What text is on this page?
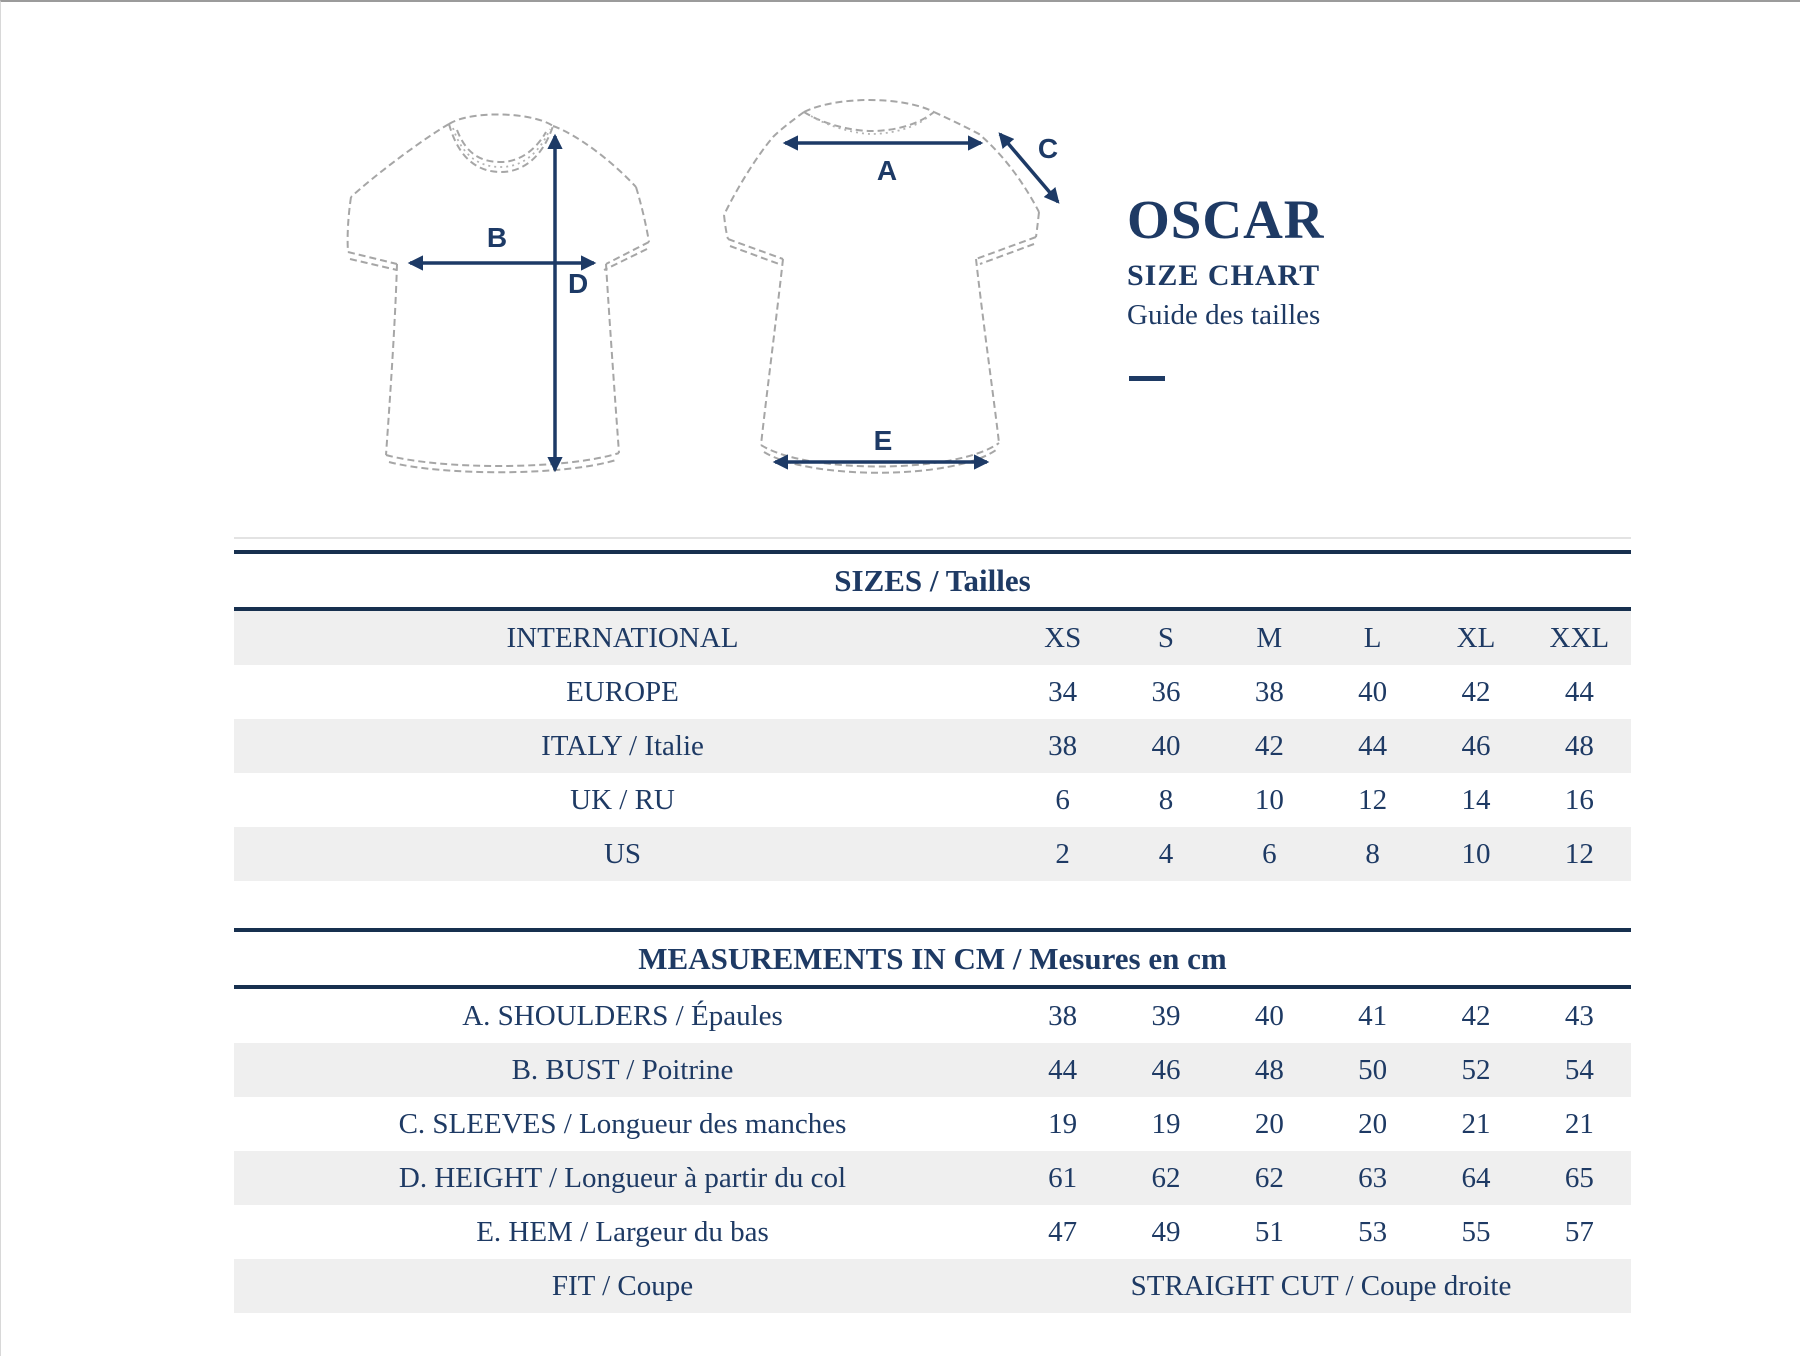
B
D
A
C
E
OSCAR
SIZE CHART
Guide des tailles
SIZES / Tailles
INTERNATIONAL	XS	S	M	L	XL	XXL
EUROPE	34	36	38	40	42	44
ITALY / Italie	38	40	42	44	46	48
UK / RU	6	8	10	12	14	16
US	2	4	6	8	10	12
MEASUREMENTS IN CM / Mesures en cm
A. SHOULDERS / Épaules	38	39	40	41	42	43
B. BUST / Poitrine	44	46	48	50	52	54
C. SLEEVES / Longueur des manches	19	19	20	20	21	21
D. HEIGHT / Longueur à partir du col	61	62	62	63	64	65
E. HEM / Largeur du bas	47	49	51	53	55	57
FIT / Coupe	STRAIGHT CUT / Coupe droite
